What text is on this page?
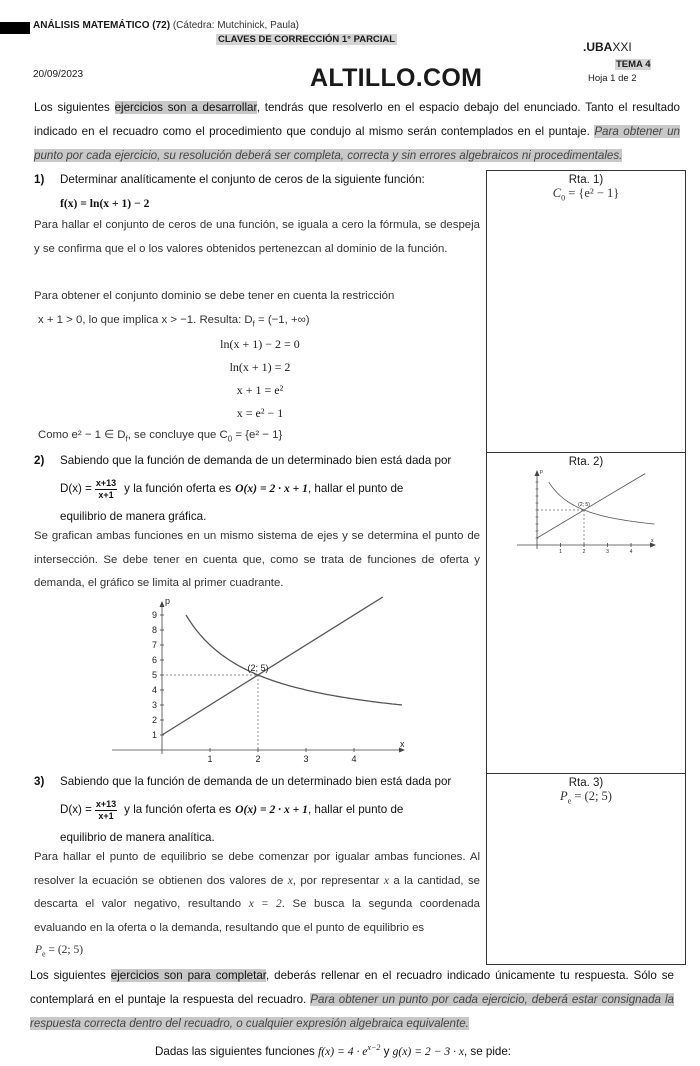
ANÁLISIS MATEMÁTICO (72) (Cátedra: Mutchinick, Paula)
CLAVES DE CORRECCIÓN 1° PARCIAL
20/09/2023	ALTILLO.COM
.UBAXXI
TEMA 4
Hoja 1 de 2
Los siguientes ejercicios son a desarrollar, tendrás que resolverlo en el espacio debajo del enunciado. Tanto el resultado indicado en el recuadro como el procedimiento que condujo al mismo serán contemplados en el puntaje. Para obtener un punto por cada ejercicio, su resolución deberá ser completa, correcta y sin errores algebraicos ni procedimentales.
1)	Determinar analíticamente el conjunto de ceros de la siguiente función:
f(x) = ln(x + 1) − 2
Para hallar el conjunto de ceros de una función, se iguala a cero la fórmula, se despeja y se confirma que el o los valores obtenidos pertenezcan al dominio de la función.
Para obtener el conjunto dominio se debe tener en cuenta la restricción
x + 1 > 0, lo que implica x > −1. Resulta: $D_f = (-1$, +∞)
ln(x + 1) − 2 = 0
ln(x + 1) = 2
x + 1 = e²
x = e² − 1
Como e² − 1 ∈ $D_f$, se concluye que $C_0 = \{e^2 - 1\}$
Rta. 1)
$C_0 = \{e^2 - 1\}$
2)	Sabiendo que la función de demanda de un determinado bien está dada por
$D(x) = \frac{x+13}{x+1}$ y la función oferta es O(x) = 2 · x + 1 , hallar el punto de
equilibrio de manera gráfica.
Se grafican ambas funciones en un mismo sistema de ejes y se determina el punto de intersección. Se debe tener en cuenta que, como se trata de funciones de oferta y demanda, el gráfico se limita al primer cuadrante.
p
x
1	2	3	4
1
2
3
4
5
6
7
8
9
(2; 5)
Rta. 2)
p
x
1	2	3	4
(2; 5)
3)	Sabiendo que la función de demanda de un determinado bien está dada por
$D(x) = \frac{x+13}{x+1}$ y la función oferta es O(x) = 2 · x + 1 , hallar el punto de
equilibrio de manera analítica.
Para hallar el punto de equilibrio se debe comenzar por igualar ambas funciones. Al resolver la ecuación se obtienen dos valores de x, por representar x a la cantidad, se descarta el valor negativo, resultando x = 2. Se busca la segunda coordenada evaluando en la oferta o la demanda, resultando que el punto de equilibrio es
$P_e = (2$; 5)
Rta. 3)
$P_e = (2$; 5)
Los siguientes ejercicios son para completar, deberás rellenar en el recuadro indicado únicamente tu respuesta. Sólo se contemplará en el puntaje la respuesta del recuadro. Para obtener un punto por cada ejercicio, deberá estar consignada la respuesta correcta dentro del recuadro, o cualquier expresión algebraica equivalente.
Dadas las siguientes funciones $f(x) = 4 \cdot e^{x-2}$ y g(x) = 2 − 3 · x, se pide:
